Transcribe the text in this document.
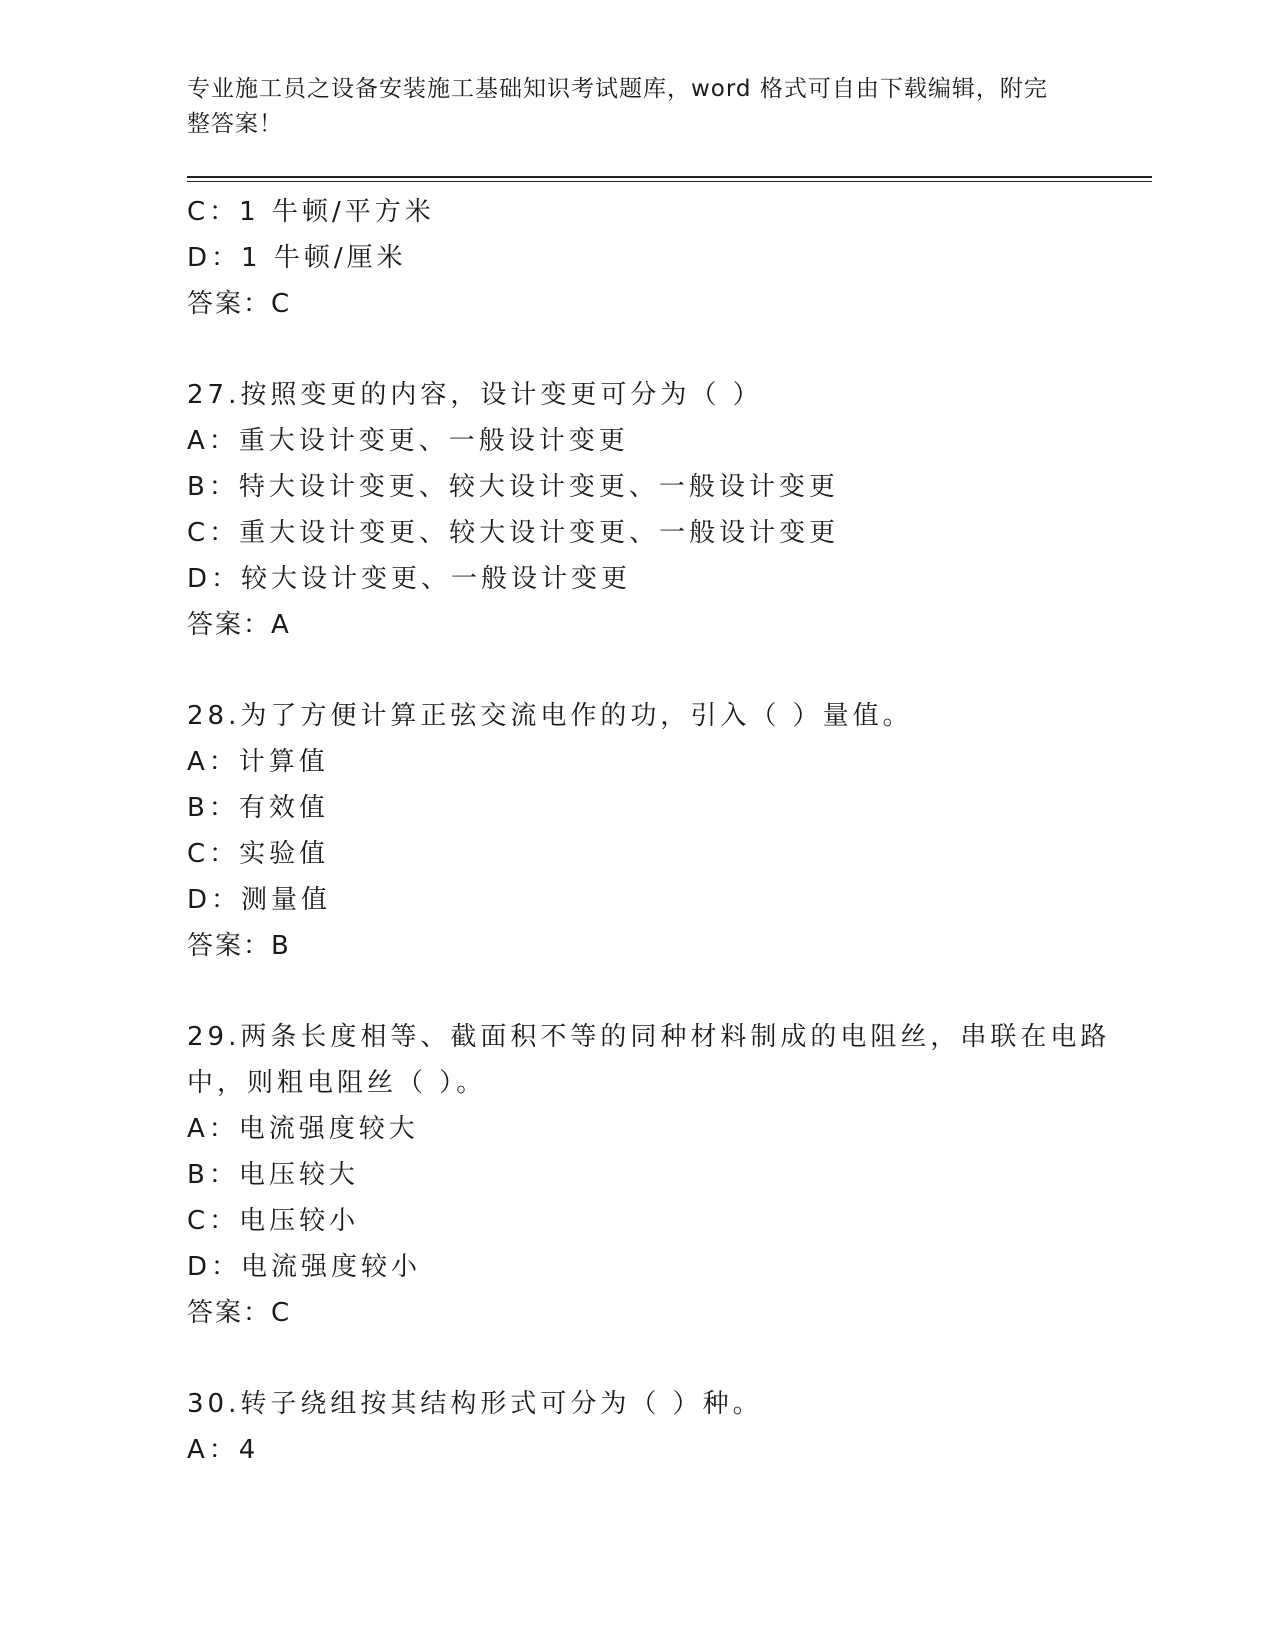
专业施工员之设备安装施工基础知识考试题库，word 格式可自由下载编辑，附完
整答案！
C：1 牛顿/平方米
D：1 牛顿/厘米
答案：C
27.按照变更的内容，设计变更可分为（ ）
A：重大设计变更、一般设计变更
B：特大设计变更、较大设计变更、一般设计变更
C：重大设计变更、较大设计变更、一般设计变更
D：较大设计变更、一般设计变更
答案：A
28.为了方便计算正弦交流电作的功，引入（ ）量值。
A：计算值
B：有效值
C：实验值
D：测量值
答案：B
29.两条长度相等、截面积不等的同种材料制成的电阻丝，串联在电路
中，则粗电阻丝（ ）。
A：电流强度较大
B：电压较大
C：电压较小
D：电流强度较小
答案：C
30.转子绕组按其结构形式可分为（ ）种。
A：4
